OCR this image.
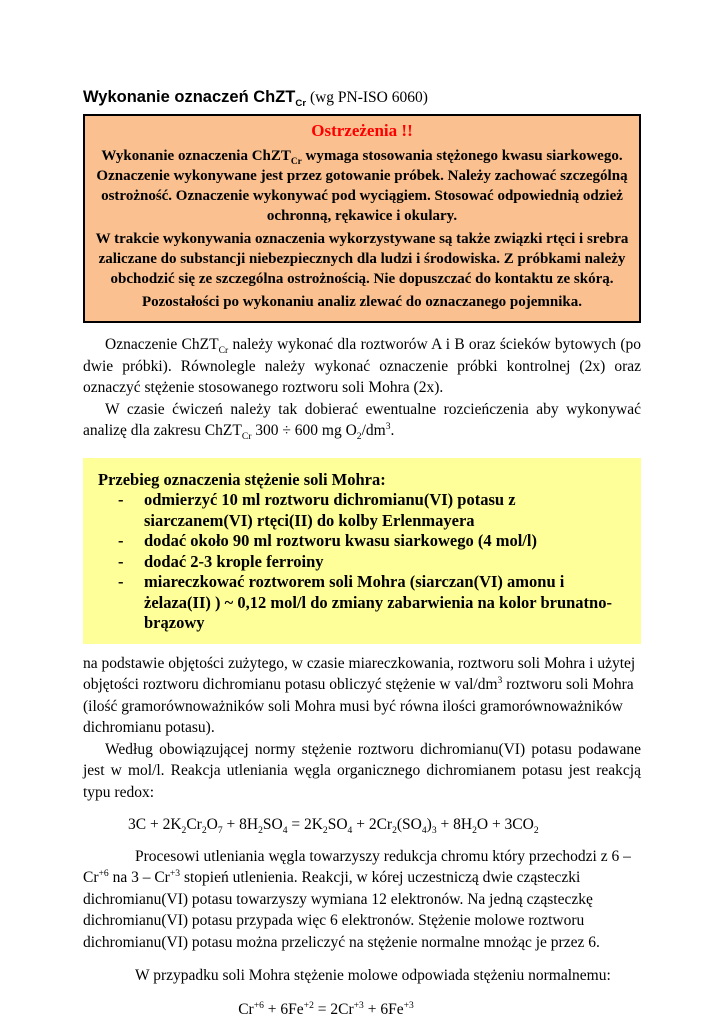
Wykonanie oznaczeń ChZT$_{Cr}$ (wg PN-ISO 6060)
Ostrzeżenia !!

Wykonanie oznaczenia ChZT$_{Cr}$ wymaga stosowania stężonego kwasu siarkowego. Oznaczenie wykonywane jest przez gotowanie próbek. Należy zachować szczególną ostrożność. Oznaczenie wykonywać pod wyciągiem. Stosować odpowiednią odzież ochronną, rękawice i okulary.

W trakcie wykonywania oznaczenia wykorzystywane są także związki rtęci i srebra zaliczane do substancji niebezpiecznych dla ludzi i środowiska. Z próbkami należy obchodzić się ze szczególna ostrożnością. Nie dopuszczać do kontaktu ze skórą.

Pozostałości po wykonaniu analiz zlewać do oznaczanego pojemnika.

Oznaczenie ChZT$_{Cr}$ należy wykonać dla roztworów A i B oraz ścieków bytowych (po dwie próbki). Równolegle należy wykonać oznaczenie próbki kontrolnej (2x) oraz oznaczyć stężenie stosowanego roztworu soli Mohra (2x).

W czasie ćwiczeń należy tak dobierać ewentualne rozcieńczenia aby wykonywać analizę dla zakresu ChZT$_{Cr}$ 300 ÷ 600 mg $O_2/dm^3$.

Przebieg oznaczenia stężenie soli Mohra:

-	odmierzyć 10 ml roztworu dichromianu(VI) potasu z siarczanem(VI) rtęci(II) do kolby Erlenmayera
-	dodać około 90 ml roztworu kwasu siarkowego (4 mol/l)
-	dodać 2-3 krople ferroiny
-	miareczkować roztworem soli Mohra (siarczan(VI) amonu i żelaza(II) ) ~ 0,12 mol/l do zmiany zabarwienia na kolor brunatno-brązowy

na podstawie objętości zużytego, w czasie miareczkowania, roztworu soli Mohra i użytej objętości roztworu dichromianu potasu obliczyć stężenie w val/$dm^3$ roztworu soli Mohra (ilość gramorównoważników soli Mohra musi być równa ilości gramorównoważników dichromianu potasu).

Według obowiązującej normy stężenie roztworu dichromianu(VI) potasu podawane jest w mol/l. Reakcja utleniania węgla organicznego dichromianem potasu jest reakcją typu redox:

$3C + 2K_2Cr_2O_7 + 8H_2SO_4 = 2K_2SO_4 + 2Cr_2(SO_4)_3 + 8H_2O + 3CO_2$

Procesowi utleniania węgla towarzyszy redukcja chromu który przechodzi z $6 - Cr^{+6}$ na $3 - Cr^{+3}$ stopień utlenienia. Reakcji, w kórej uczestniczą dwie cząsteczki dichromianu(VI) potasu towarzyszy wymiana 12 elektronów. Na jedną cząsteczkę dichromianu(VI) potasu przypada więc 6 elektronów. Stężenie molowe roztworu dichromianu(VI) potasu można przeliczyć na stężenie normalne mnożąc je przez 6.

W przypadku soli Mohra stężenie molowe odpowiada stężeniu normalnemu:

$Cr^{+6} + 6Fe^{+2} = 2Cr^{+3} + 6Fe^{+3}$
